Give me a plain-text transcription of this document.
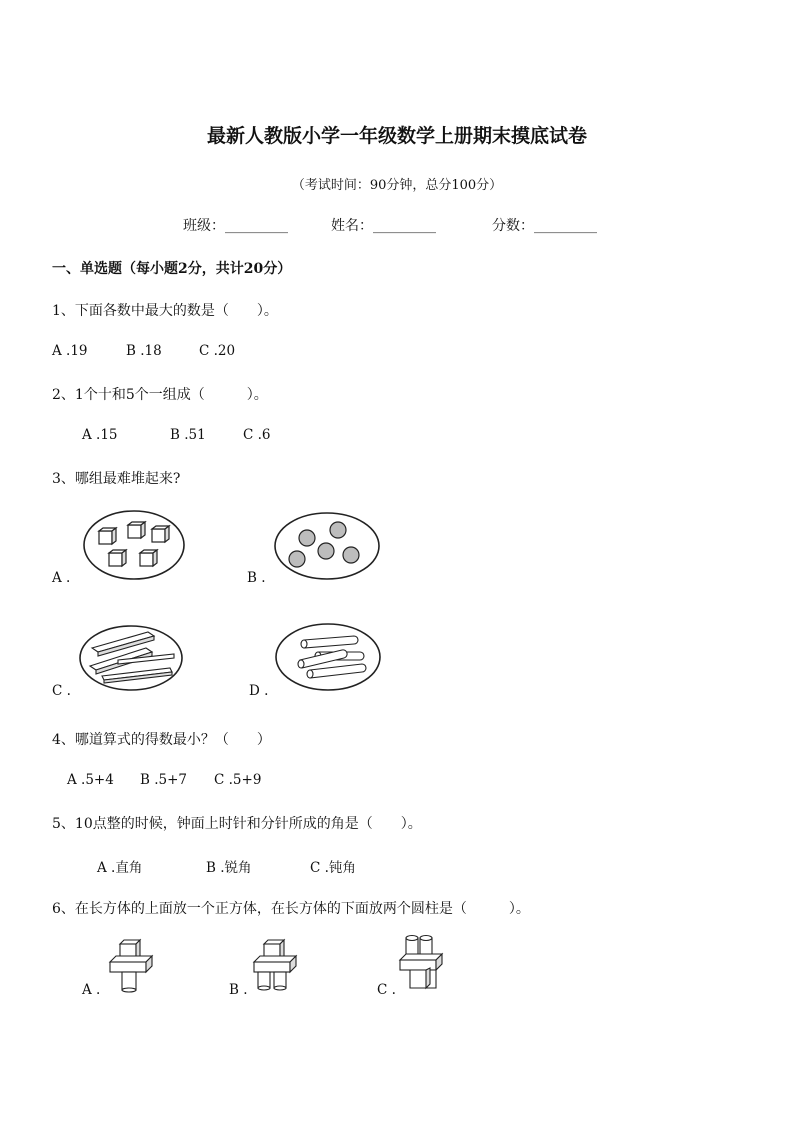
最新人教版小学一年级数学上册期末摸底试卷
（考试时间：90分钟，总分100分）
班级：_________	姓名：_________	分数：_________
一、单选题（每小题2分，共计20分）
1、下面各数中最大的数是（　　）。
A .19	B .18	C .20
2、1个十和5个一组成（　　　）。
A .15	B .51	C .6
3、哪组最难堆起来?
A .	B .
C .	D .
4、哪道算式的得数最小？（　　）
A .5+4 B .5+7 C .5+9
5、10点整的时候，钟面上时针和分针所成的角是（　　）。
A .直角	B .锐角	C .钝角
6、在长方体的上面放一个正方体，在长方体的下面放两个圆柱是（　　　）。
A .	B .	C .
